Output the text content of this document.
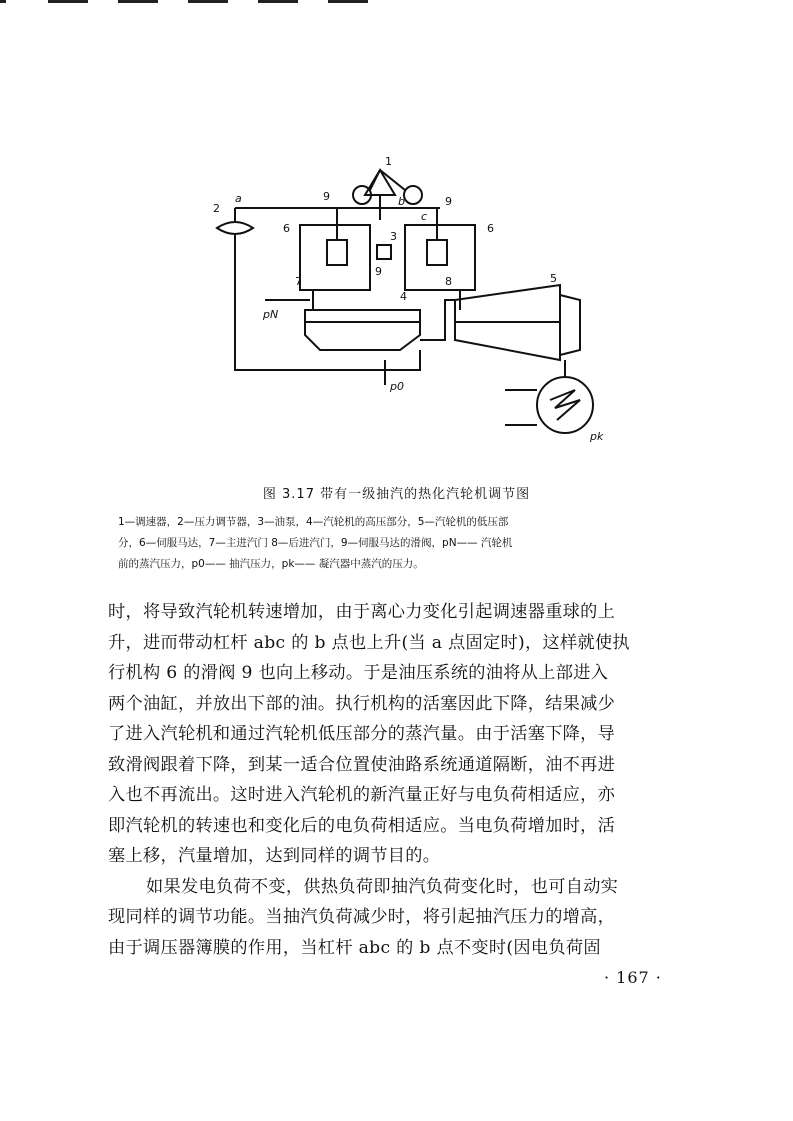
1
2
3
4
5
6	6
7	8
9	9
9
a	b
c
pN
p0
pk
图 3.17 带有一级抽汽的热化汽轮机调节图

1—调速器，2—压力调节器，3—油泵，4—汽轮机的高压部分，5—汽轮机的低压部

分，6—伺服马达，7—主进汽门 8—后进汽门，9—伺服马达的滑阀，pN—— 汽轮机

前的蒸汽压力，p0—— 抽汽压力，pk—— 凝汽器中蒸汽的压力。

时，将导致汽轮机转速增加，由于离心力变化引起调速器重球的上

升，进而带动杠杆 abc 的 b 点也上升(当 a 点固定时)，这样就使执

行机构 6 的滑阀 9 也向上移动。于是油压系统的油将从上部进入

两个油缸，并放出下部的油。执行机构的活塞因此下降，结果减少

了进入汽轮机和通过汽轮机低压部分的蒸汽量。由于活塞下降，导

致滑阀跟着下降，到某一适合位置使油路系统通道隔断，油不再进

入也不再流出。这时进入汽轮机的新汽量正好与电负荷相适应，亦

即汽轮机的转速也和变化后的电负荷相适应。当电负荷增加时，活

塞上移，汽量增加，达到同样的调节目的。

如果发电负荷不变，供热负荷即抽汽负荷变化时，也可自动实

现同样的调节功能。当抽汽负荷减少时，将引起抽汽压力的增高，

由于调压器簿膜的作用，当杠杆 abc 的 b 点不变时(因电负荷固

· 167 ·
